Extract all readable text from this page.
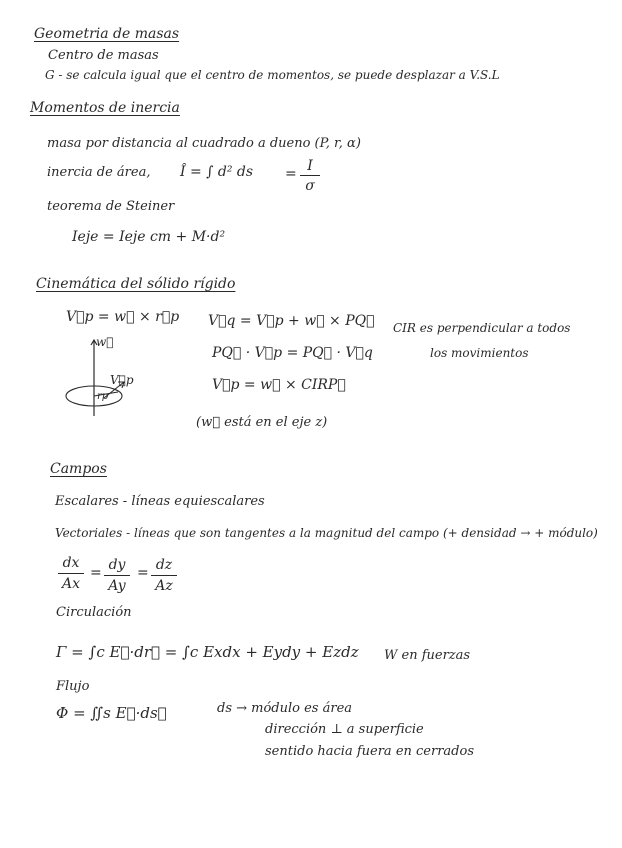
Geometria de masas
Centro de masas
G - se calcula igual que el centro de momentos, se puede desplazar a V.S.L
Momentos de inercia
masa por distancia al cuadrado a dueno (P, r, α)
inercia de área, Î = ∫ d² ds = I
σ
teorema de Steiner
Ieje = Ieje cm + M·d²
Cinemática del sólido rígido
V⃗p = w⃗ × r⃗p V⃗q = V⃗p + w⃗ × PQ⃗
PQ⃗ · V⃗p = PQ⃗ · V⃗q
V⃗p = w⃗ × CIRP⃗
(w⃗ está en el eje z)
CIR es perpendicular a todos
los movimientos
w⃗
V⃗p
rp
Campos
Escalares - líneas equiescalares
Vectoriales - líneas que son tangentes a la magnitud del campo (+ densidad → + módulo)
dx
Ax
= dy
Ay
= dz
Az
Circulación
Γ = ∫c E⃗·dr⃗ = ∫c Exdx + Eydy + Ezdz W en fuerzas
Flujo
Φ = ∬s E⃗·ds⃗	ds → módulo es área
dirección ⊥ a superficie
sentido hacia fuera en cerrados
